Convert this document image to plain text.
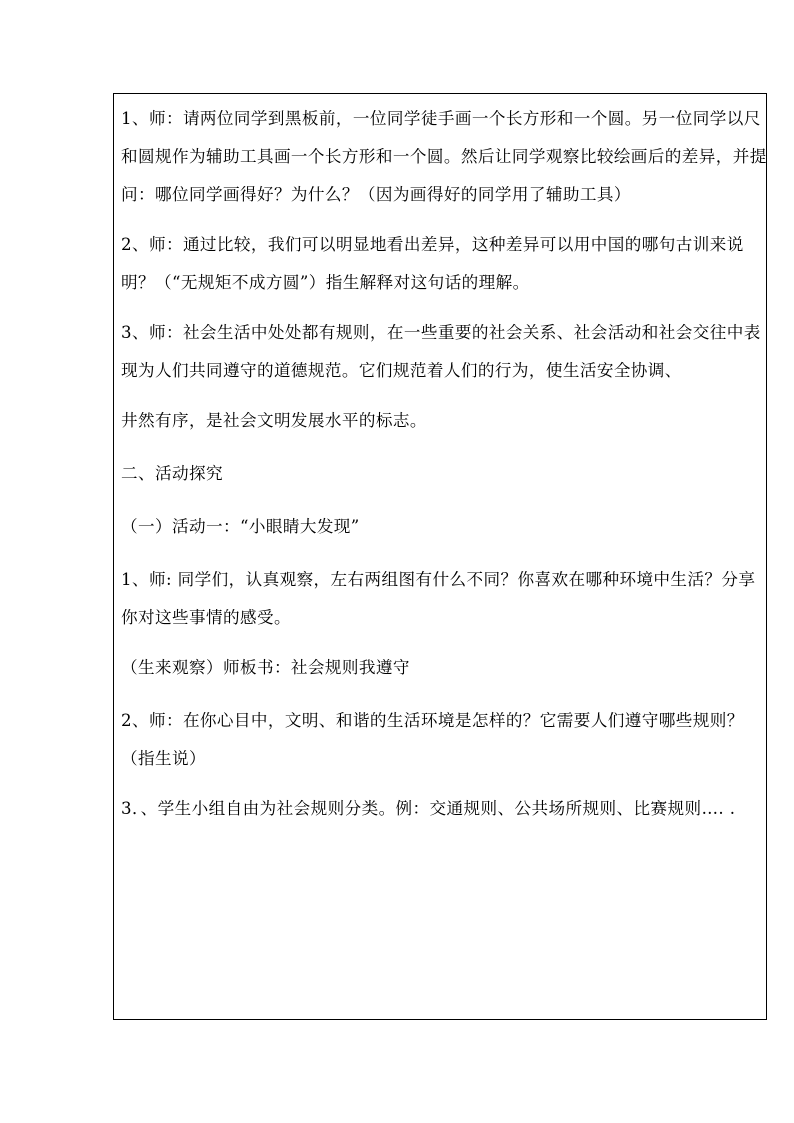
1、师：请两位同学到黑板前，一位同学徒手画一个长方形和一个圆。另一位同学以尺和圆规作为辅助工具画一个长方形和一个圆。然后让同学观察比较绘画后的差异，并提问：哪位同学画得好？为什么？（因为画得好的同学用了辅助工具）

2、师：通过比较，我们可以明显地看出差异，这种差异可以用中国的哪句古训来说明？（“无规矩不成方圆”）指生解释对这句话的理解。

3、师：社会生活中处处都有规则，在一些重要的社会关系、社会活动和社会交往中表现为人们共同遵守的道德规范。它们规范着人们的行为，使生活安全协调、

井然有序，是社会文明发展水平的标志。

二、活动探究

（一）活动一：“小眼睛大发现”

1、师: 同学们，认真观察，左右两组图有什么不同？你喜欢在哪种环境中生活？分享你对这些事情的感受。

（生来观察）师板书：社会规则我遵守

2、师：在你心目中，文明、和谐的生活环境是怎样的？它需要人们遵守哪些规则？（指生说）

3．、学生小组自由为社会规则分类。例：交通规则、公共场所规则、比赛规则…. .
